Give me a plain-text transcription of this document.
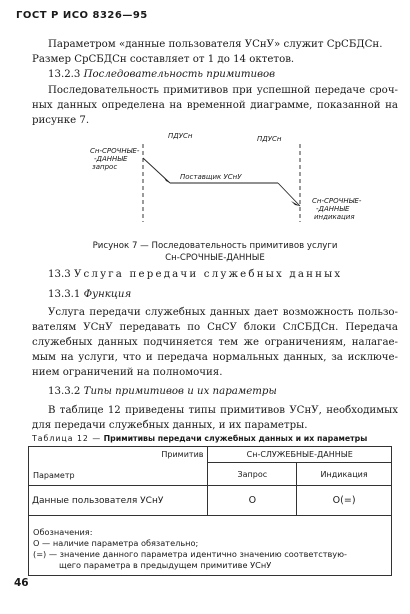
ГОСТ Р ИСО 8326—95
Параметром «данные пользователя УСнУ» служит СрСБДСн.
Размер СрСБДСн составляет от 1 до 14 октетов.
13.2.3 Последовательность примитивов
Последовательность примитивов при успешной передаче сроч-
ных данных определена на временной диаграмме, показанной на
рисунке 7.
Сн-СРОЧНЫЕ-
-ДАННЫЕ
запрос
ПДУСн	ПДУСн
Поставщик УСнУ
Сн-СРОЧНЫЕ-
-ДАННЫЕ
индикация
Рисунок 7 — Последовательность примитивов услуги
Сн-СРОЧНЫЕ-ДАННЫЕ
13.3 Услуга передачи служебных данных
13.3.1 Функция
Услуга передачи служебных данных дает возможность пользо-
вателям УСнУ передавать по СнСУ блоки СлСБДСн. Передача
служебных данных подчиняется тем же ограничениям, налагае-
мым на услуги, что и передача нормальных данных, за исключе-
нием ограничений на полномочия.
13.3.2 Типы примитивов и их параметры
В таблице 12 приведены типы примитивов УСнУ, необходимых
для передачи служебных данных, и их параметры.
Таблица 12 — Примитивы передачи служебных данных и их параметры
Примитив
Параметр	Сн-СЛУЖЕБНЫЕ-ДАННЫЕ	
	Запрос	Индикация
Данные пользователя УСнУ	О	О(=)

Обозначения:
О — наличие параметра обязательно;
(=) — значение данного параметра идентично значению соответствую-
щего параметра в предыдущем примитиве УСнУ		
46
